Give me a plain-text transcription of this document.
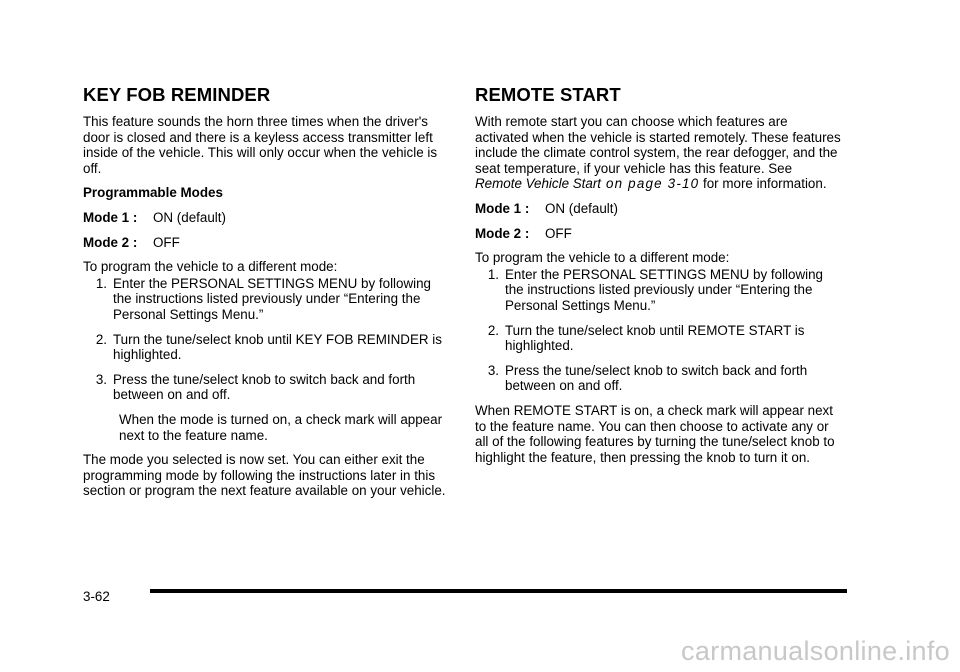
KEY FOB REMINDER

This feature sounds the horn three times when the driver's door is closed and there is a keyless access transmitter left inside of the vehicle. This will only occur when the vehicle is off.

Programmable Modes

Mode 1 :	ON (default)
Mode 2 :	OFF

To program the vehicle to a different mode:

1. Enter the PERSONAL SETTINGS MENU by following the instructions listed previously under “Entering the Personal Settings Menu.”
2. Turn the tune/select knob until KEY FOB REMINDER is highlighted.
3. Press the tune/select knob to switch back and forth between on and off.

When the mode is turned on, a check mark will appear next to the feature name.

The mode you selected is now set. You can either exit the programming mode by following the instructions later in this section or program the next feature available on your vehicle.

REMOTE START

With remote start you can choose which features are activated when the vehicle is started remotely. These features include the climate control system, the rear defogger, and the seat temperature, if your vehicle has this feature. See Remote Vehicle Start on page 3-10 for more information.

Mode 1 :	ON (default)
Mode 2 :	OFF

To program the vehicle to a different mode:

1. Enter the PERSONAL SETTINGS MENU by following the instructions listed previously under “Entering the Personal Settings Menu.”
2. Turn the tune/select knob until REMOTE START is highlighted.
3. Press the tune/select knob to switch back and forth between on and off.

When REMOTE START is on, a check mark will appear next to the feature name. You can then choose to activate any or all of the following features by turning the tune/select knob to highlight the feature, then pressing the knob to turn it on.

3-62
carmanualsonline.info
